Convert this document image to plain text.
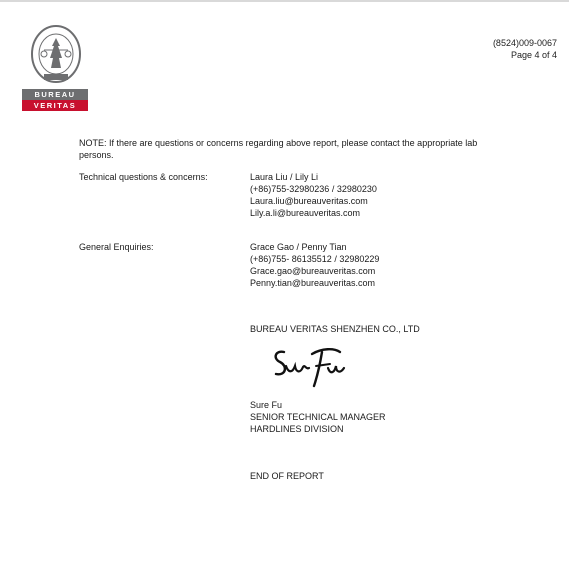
BUREAU
VERITAS
(8524)009-0067
Page 4 of 4
NOTE: If there are questions or concerns regarding above report, please contact the appropriate lab persons.
Technical questions & concerns:	Laura Liu / Lily Li
(+86)755-32980236 / 32980230
Laura.liu@bureauveritas.com
Lily.a.li@bureauveritas.com
General Enquiries:	Grace Gao / Penny Tian
(+86)755- 86135512 / 32980229
Grace.gao@bureauveritas.com
Penny.tian@bureauveritas.com
BUREAU VERITAS SHENZHEN CO., LTD
Sure Fu
SENIOR TECHNICAL MANAGER
HARDLINES DIVISION
END OF REPORT
